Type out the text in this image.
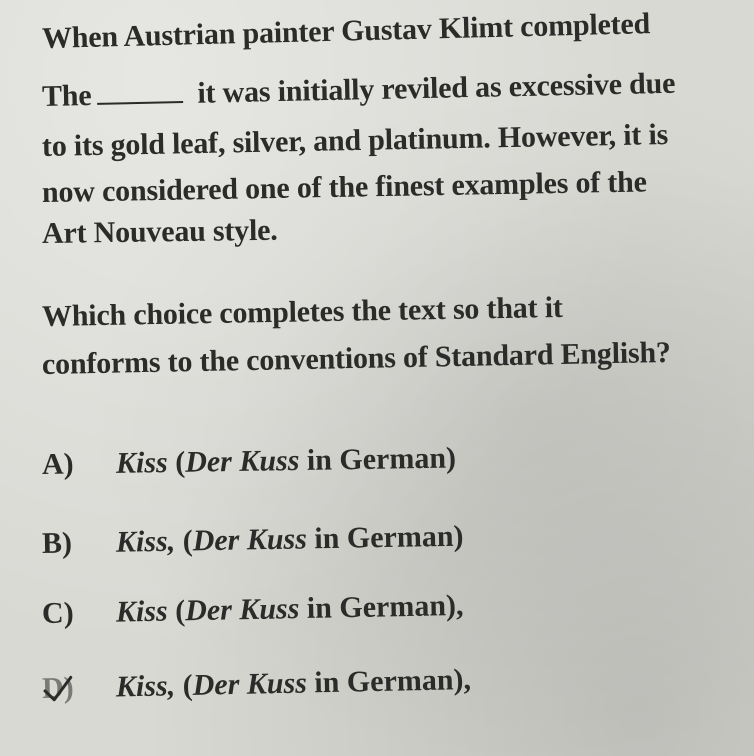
When Austrian painter Gustav Klimt completed
The	it was initially reviled as excessive due
to its gold leaf, silver, and platinum. However, it is
now considered one of the finest examples of the
Art Nouveau style.
Which choice completes the text so that it
conforms to the conventions of Standard English?
A) Kiss (Der Kuss in German)
B) Kiss, (Der Kuss in German)
C) Kiss (Der Kuss in German),
D) Kiss, (Der Kuss in German),
